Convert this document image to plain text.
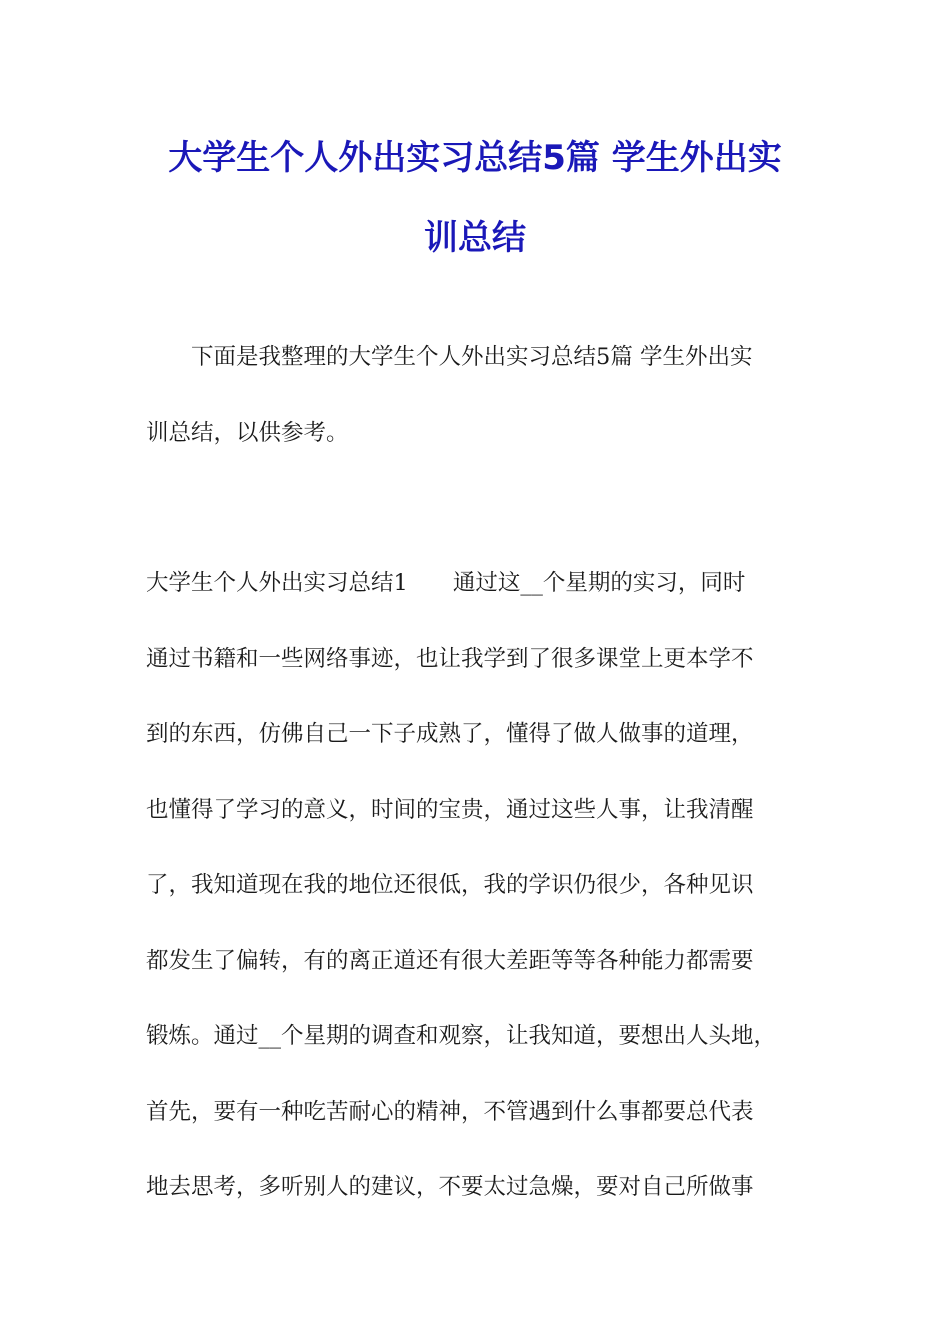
大学生个人外出实习总结5篇 学生外出实
训总结

下面是我整理的大学生个人外出实习总结5篇 学生外出实
训总结，以供参考。

大学生个人外出实习总结1　　通过这__个星期的实习，同时
通过书籍和一些网络事迹，也让我学到了很多课堂上更本学不
到的东西，仿佛自己一下子成熟了，懂得了做人做事的道理，
也懂得了学习的意义，时间的宝贵，通过这些人事，让我清醒
了，我知道现在我的地位还很低，我的学识仍很少，各种见识
都发生了偏转，有的离正道还有很大差距等等各种能力都需要
锻炼。通过__个星期的调查和观察，让我知道，要想出人头地，
首先，要有一种吃苦耐心的精神，不管遇到什么事都要总代表
地去思考，多听别人的建议，不要太过急燥，要对自己所做事
